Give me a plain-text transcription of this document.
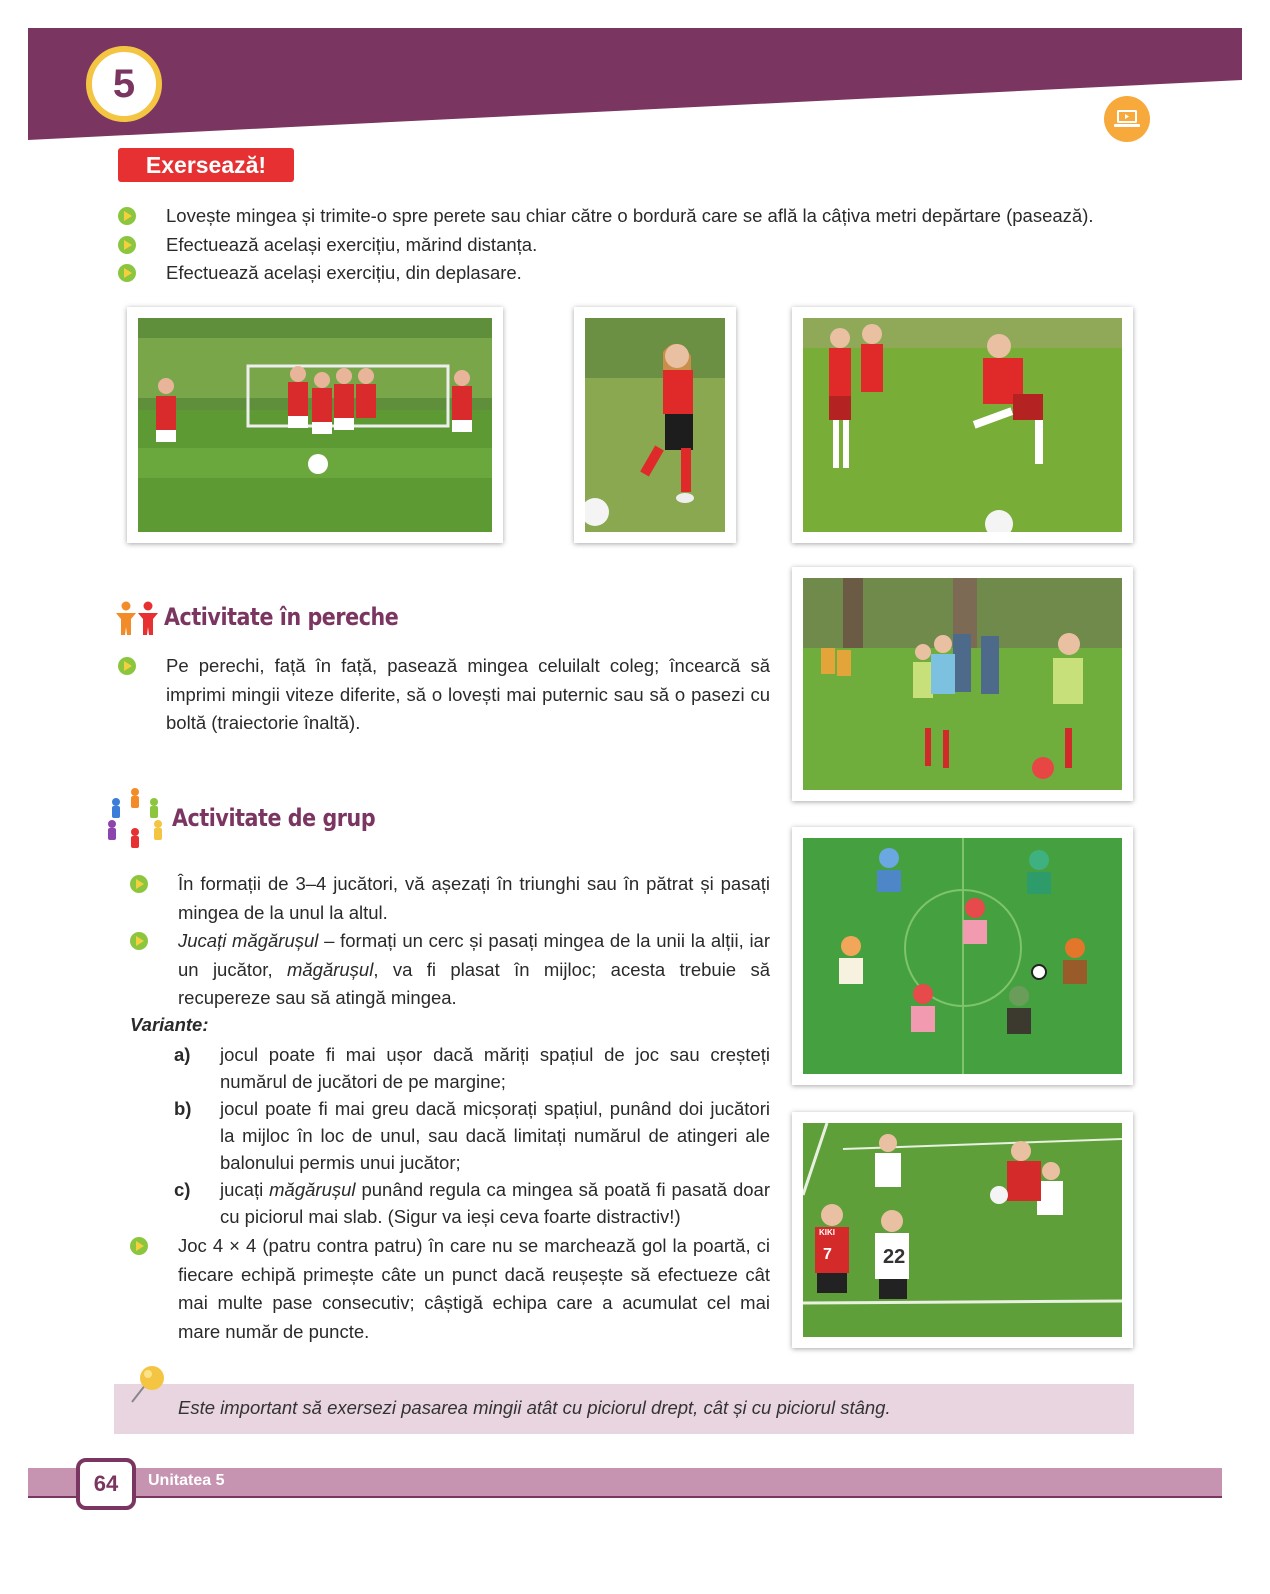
5
Exersează!
Lovește mingea și trimite-o spre perete sau chiar către o bordură care se află la câțiva metri depărtare (pasează).
Efectuează același exercițiu, mărind distanța.
Efectuează același exercițiu, din deplasare.
7
KIKI
22
Activitate în pereche
Pe perechi, față în față, pasează mingea celuilalt coleg; încearcă să imprimi mingii viteze diferite, să o lovești mai puternic sau să o pasezi cu boltă (traiectorie înaltă).
Activitate de grup
În formații de 3–4 jucători, vă așezați în triunghi sau în pătrat și pasați mingea de la unul la altul.
Jucați măgărușul – formați un cerc și pasați mingea de la unii la alții, iar un jucător, măgărușul, va fi plasat în mijloc; acesta trebuie să recupereze sau să atingă mingea.
Variante:
a) jocul poate fi mai ușor dacă măriți spațiul de joc sau creșteți numărul de jucători de pe margine;
b) jocul poate fi mai greu dacă micșorați spațiul, punând doi jucători la mijloc în loc de unul, sau dacă limitați numărul de atingeri ale balonului permis unui jucător;
c) jucați măgărușul punând regula ca mingea să poată fi pasată doar cu piciorul mai slab. (Sigur va ieși ceva foarte distractiv!)
Joc 4 × 4 (patru contra patru) în care nu se marchează gol la poartă, ci fiecare echipă primește câte un punct dacă reușește să efectueze cât mai multe pase consecutiv; câștigă echipa care a acumulat cel mai mare număr de puncte.
Este important să exersezi pasarea mingii atât cu piciorul drept, cât și cu piciorul stâng.
64 Unitatea 5
